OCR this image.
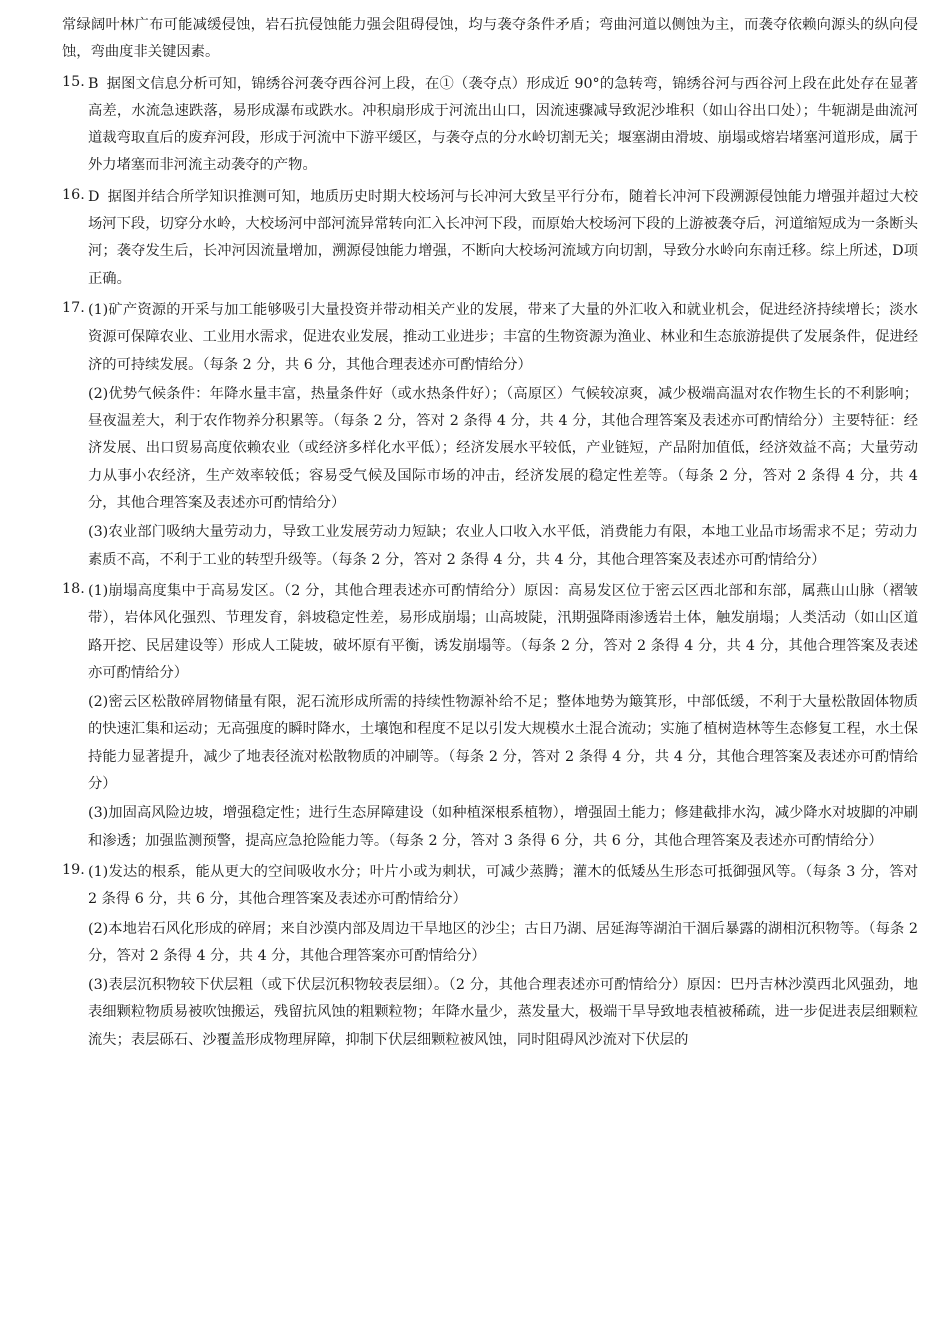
常绿阔叶林广布可能减缓侵蚀，岩石抗侵蚀能力强会阻碍侵蚀，均与袭夺条件矛盾；弯曲河道以侧蚀为主，而袭夺依赖向源头的纵向侵蚀，弯曲度非关键因素。
15. B 据图文信息分析可知，锦绣谷河袭夺西谷河上段，在①（袭夺点）形成近 90°的急转弯，锦绣谷河与西谷河上段在此处存在显著高差，水流急速跌落，易形成瀑布或跌水。冲积扇形成于河流出山口，因流速骤减导致泥沙堆积（如山谷出口处）；牛轭湖是曲流河道裁弯取直后的废弃河段，形成于河流中下游平缓区，与袭夺点的分水岭切割无关；堰塞湖由滑坡、崩塌或熔岩堵塞河道形成，属于外力堵塞而非河流主动袭夺的产物。
16. D 据图并结合所学知识推测可知，地质历史时期大校场河与长冲河大致呈平行分布，随着长冲河下段溯源侵蚀能力增强并超过大校场河下段，切穿分水岭，大校场河中部河流异常转向汇入长冲河下段，而原始大校场河下段的上游被袭夺后，河道缩短成为一条断头河；袭夺发生后，长冲河因流量增加，溯源侵蚀能力增强，不断向大校场河流域方向切割，导致分水岭向东南迁移。综上所述，D项正确。
17. (1)矿产资源的开采与加工能够吸引大量投资并带动相关产业的发展，带来了大量的外汇收入和就业机会，促进经济持续增长；淡水资源可保障农业、工业用水需求，促进农业发展，推动工业进步；丰富的生物资源为渔业、林业和生态旅游提供了发展条件，促进经济的可持续发展。（每条 2 分，共 6 分，其他合理表述亦可酌情给分）
(2)优势气候条件：年降水量丰富，热量条件好（或水热条件好）；（高原区）气候较凉爽，减少极端高温对农作物生长的不利影响；昼夜温差大，利于农作物养分积累等。（每条 2 分，答对 2 条得 4 分，共 4 分，其他合理答案及表述亦可酌情给分）主要特征：经济发展、出口贸易高度依赖农业（或经济多样化水平低）；经济发展水平较低，产业链短，产品附加值低，经济效益不高；大量劳动力从事小农经济，生产效率较低；容易受气候及国际市场的冲击，经济发展的稳定性差等。（每条 2 分，答对 2 条得 4 分，共 4 分，其他合理答案及表述亦可酌情给分）
(3)农业部门吸纳大量劳动力，导致工业发展劳动力短缺；农业人口收入水平低，消费能力有限，本地工业品市场需求不足；劳动力素质不高，不利于工业的转型升级等。（每条 2 分，答对 2 条得 4 分，共 4 分，其他合理答案及表述亦可酌情给分）
18. (1)崩塌高度集中于高易发区。（2 分，其他合理表述亦可酌情给分）原因：高易发区位于密云区西北部和东部，属燕山山脉（褶皱带），岩体风化强烈、节理发育，斜坡稳定性差，易形成崩塌；山高坡陡，汛期强降雨渗透岩土体，触发崩塌；人类活动（如山区道路开挖、民居建设等）形成人工陡坡，破坏原有平衡，诱发崩塌等。（每条 2 分，答对 2 条得 4 分，共 4 分，其他合理答案及表述亦可酌情给分）
(2)密云区松散碎屑物储量有限，泥石流形成所需的持续性物源补给不足；整体地势为簸箕形，中部低缓，不利于大量松散固体物质的快速汇集和运动；无高强度的瞬时降水，土壤饱和程度不足以引发大规模水土混合流动；实施了植树造林等生态修复工程，水土保持能力显著提升，减少了地表径流对松散物质的冲刷等。（每条 2 分，答对 2 条得 4 分，共 4 分，其他合理答案及表述亦可酌情给分）
(3)加固高风险边坡，增强稳定性；进行生态屏障建设（如种植深根系植物），增强固土能力；修建截排水沟，减少降水对坡脚的冲刷和渗透；加强监测预警，提高应急抢险能力等。（每条 2 分，答对 3 条得 6 分，共 6 分，其他合理答案及表述亦可酌情给分）
19. (1)发达的根系，能从更大的空间吸收水分；叶片小或为刺状，可减少蒸腾；灌木的低矮丛生形态可抵御强风等。（每条 3 分，答对 2 条得 6 分，共 6 分，其他合理答案及表述亦可酌情给分）
(2)本地岩石风化形成的碎屑；来自沙漠内部及周边干旱地区的沙尘；古日乃湖、居延海等湖泊干涸后暴露的湖相沉积物等。（每条 2 分，答对 2 条得 4 分，共 4 分，其他合理答案亦可酌情给分）
(3)表层沉积物较下伏层粗（或下伏层沉积物较表层细）。（2 分，其他合理表述亦可酌情给分）原因：巴丹吉林沙漠西北风强劲，地表细颗粒物质易被吹蚀搬运，残留抗风蚀的粗颗粒物；年降水量少，蒸发量大，极端干旱导致地表植被稀疏，进一步促进表层细颗粒流失；表层砾石、沙覆盖形成物理屏障，抑制下伏层细颗粒被风蚀，同时阻碍风沙流对下伏层的
